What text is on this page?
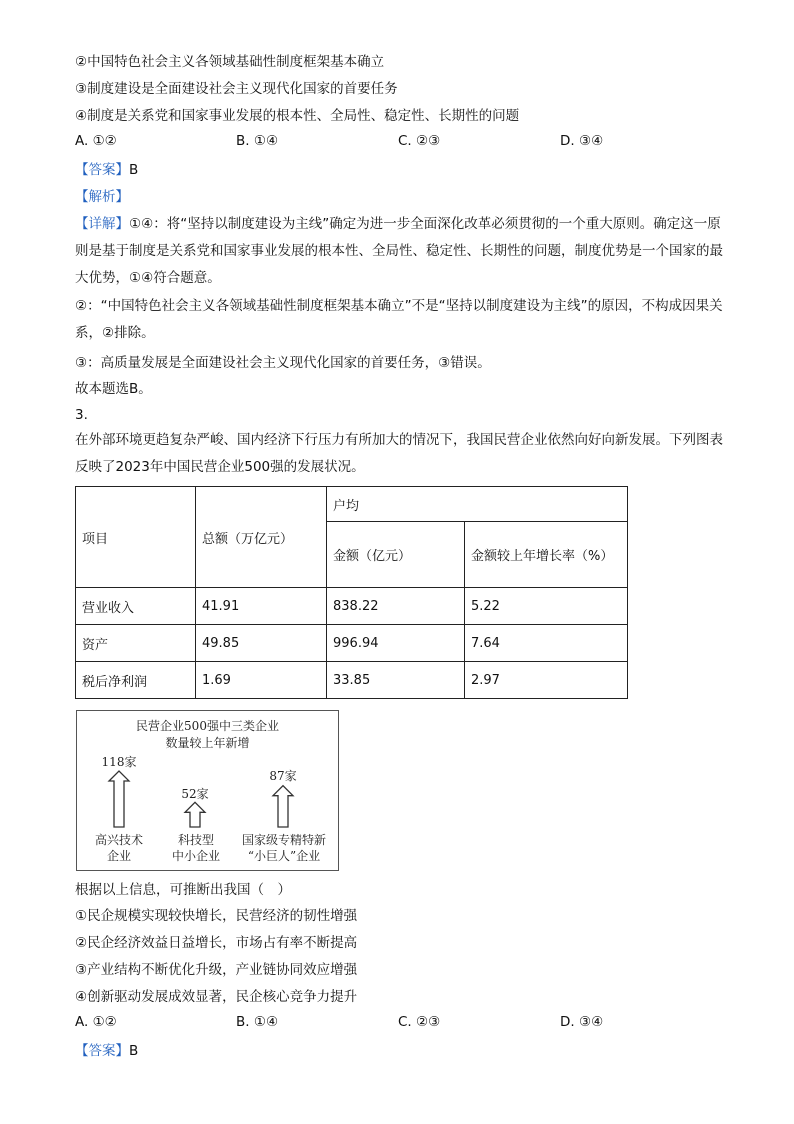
②中国特色社会主义各领域基础性制度框架基本确立
③制度建设是全面建设社会主义现代化国家的首要任务
④制度是关系党和国家事业发展的根本性、全局性、稳定性、长期性的问题
A. ①②	B. ①④	C. ②③	D. ③④
【答案】B
【解析】
【详解】①④：将“坚持以制度建设为主线”确定为进一步全面深化改革必须贯彻的一个重大原则。确定这一原则是基于制度是关系党和国家事业发展的根本性、全局性、稳定性、长期性的问题，制度优势是一个国家的最大优势，①④符合题意。
②：“中国特色社会主义各领域基础性制度框架基本确立”不是“坚持以制度建设为主线”的原因，不构成因果关系，②排除。
③：高质量发展是全面建设社会主义现代化国家的首要任务，③错误。
故本题选B。
3.
在外部环境更趋复杂严峻、国内经济下行压力有所加大的情况下，我国民营企业依然向好向新发展。下列图表反映了2023年中国民营企业500强的发展状况。
项目	总额（万亿元）	户均	
		金额（亿元）	金额较上年增长率（%）
营业收入	41.91	838.22	5.22
资产	49.85	996.94	7.64
税后净利润	1.69	33.85	2.97
民营企业500强中三类企业
数量较上年新增
118家
52家
87家
高兴技术
企业
科技型
中小企业
国家级专精特新
“小巨人”企业
根据以上信息，可推断出我国（　）
①民企规模实现较快增长，民营经济的韧性增强
②民企经济效益日益增长，市场占有率不断提高
③产业结构不断优化升级，产业链协同效应增强
④创新驱动发展成效显著，民企核心竞争力提升
A. ①②	B. ①④	C. ②③	D. ③④
【答案】B
